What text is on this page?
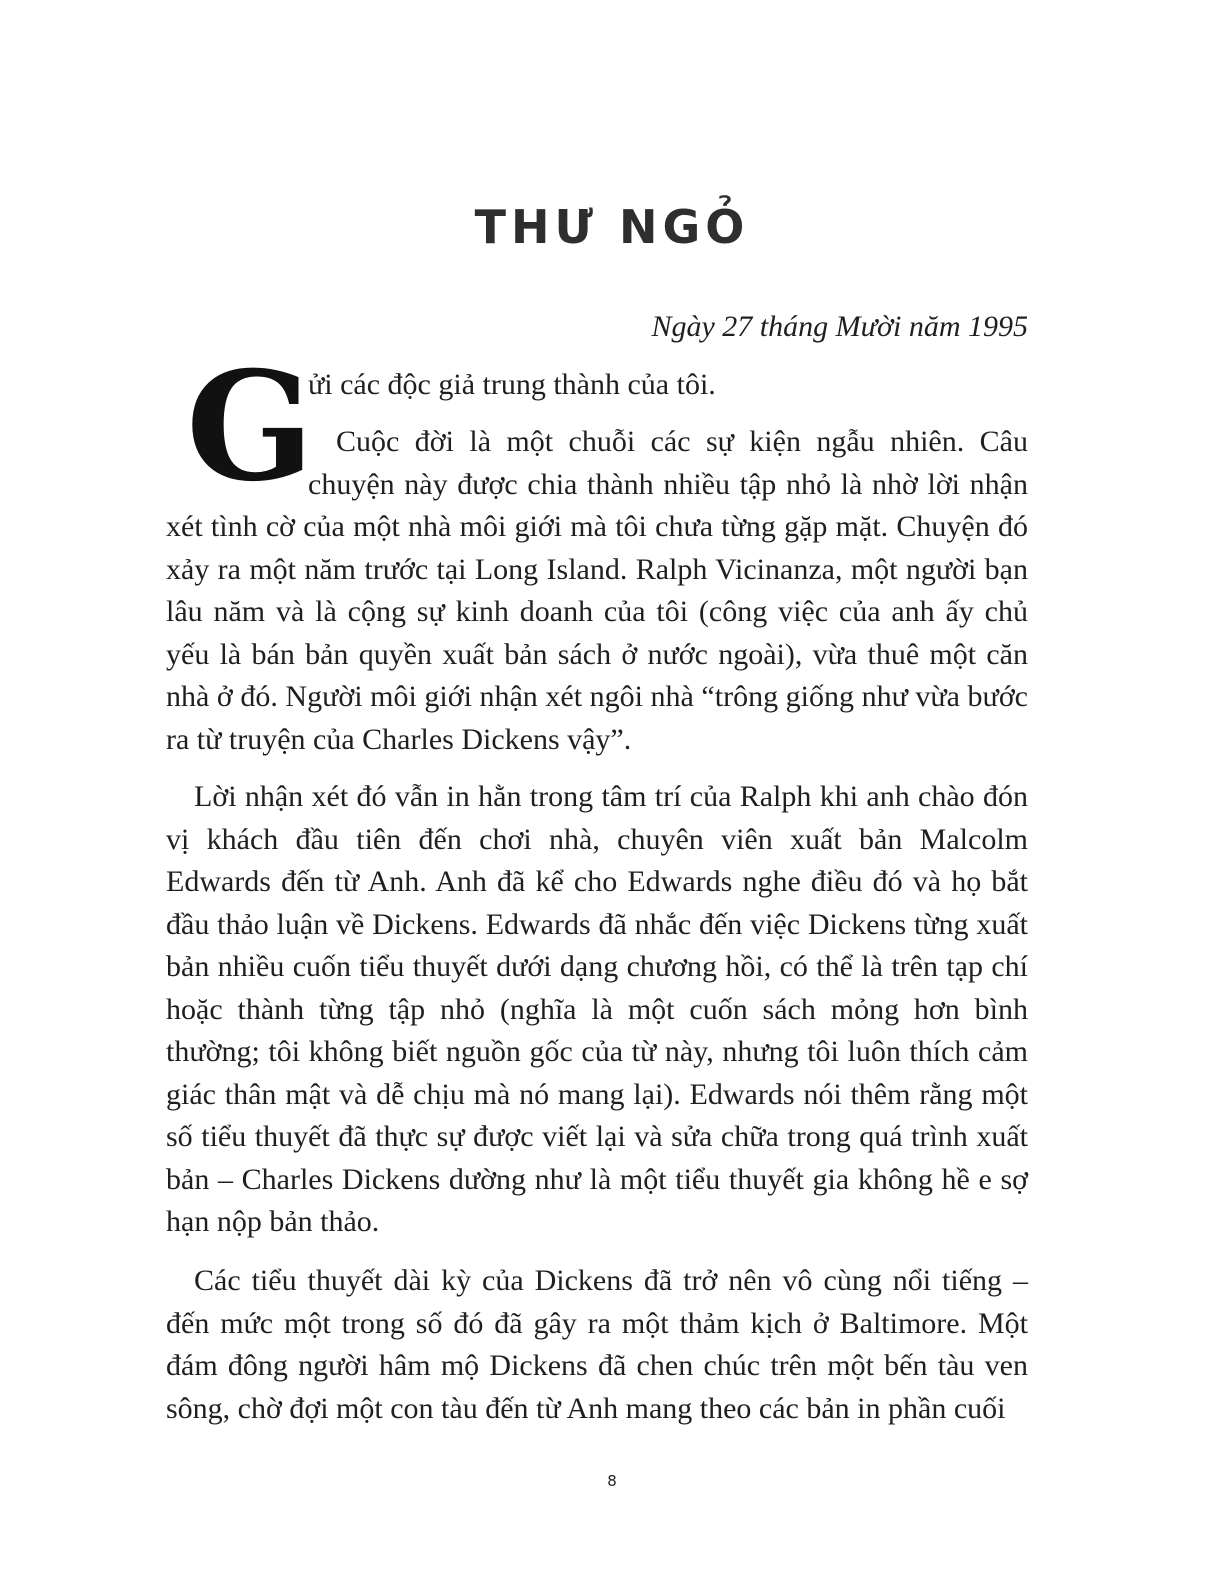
THƯ NGỎ

Ngày 27 tháng Mười năm 1995

G

ửi các độc giả trung thành của tôi.

Cuộc đời là một chuỗi các sự kiện ngẫu nhiên. Câu chuyện này được chia thành nhiều tập nhỏ là nhờ lời nhận xét tình cờ của một nhà môi giới mà tôi chưa từng gặp mặt. Chuyện đó xảy ra một năm trước tại Long Island. Ralph Vicinanza, một người bạn lâu năm và là cộng sự kinh doanh của tôi (công việc của anh ấy chủ yếu là bán bản quyền xuất bản sách ở nước ngoài), vừa thuê một căn nhà ở đó. Người môi giới nhận xét ngôi nhà “trông giống như vừa bước ra từ truyện của Charles Dickens vậy”.

Lời nhận xét đó vẫn in hằn trong tâm trí của Ralph khi anh chào đón vị khách đầu tiên đến chơi nhà, chuyên viên xuất bản Malcolm Edwards đến từ Anh. Anh đã kể cho Edwards nghe điều đó và họ bắt đầu thảo luận về Dickens. Edwards đã nhắc đến việc Dickens từng xuất bản nhiều cuốn tiểu thuyết dưới dạng chương hồi, có thể là trên tạp chí hoặc thành từng tập nhỏ (nghĩa là một cuốn sách mỏng hơn bình thường; tôi không biết nguồn gốc của từ này, nhưng tôi luôn thích cảm giác thân mật và dễ chịu mà nó mang lại). Edwards nói thêm rằng một số tiểu thuyết đã thực sự được viết lại và sửa chữa trong quá trình xuất bản – Charles Dickens dường như là một tiểu thuyết gia không hề e sợ hạn nộp bản thảo.

Các tiểu thuyết dài kỳ của Dickens đã trở nên vô cùng nổi tiếng – đến mức một trong số đó đã gây ra một thảm kịch ở Baltimore. Một đám đông người hâm mộ Dickens đã chen chúc trên một bến tàu ven sông, chờ đợi một con tàu đến từ Anh mang theo các bản in phần cuối

8
